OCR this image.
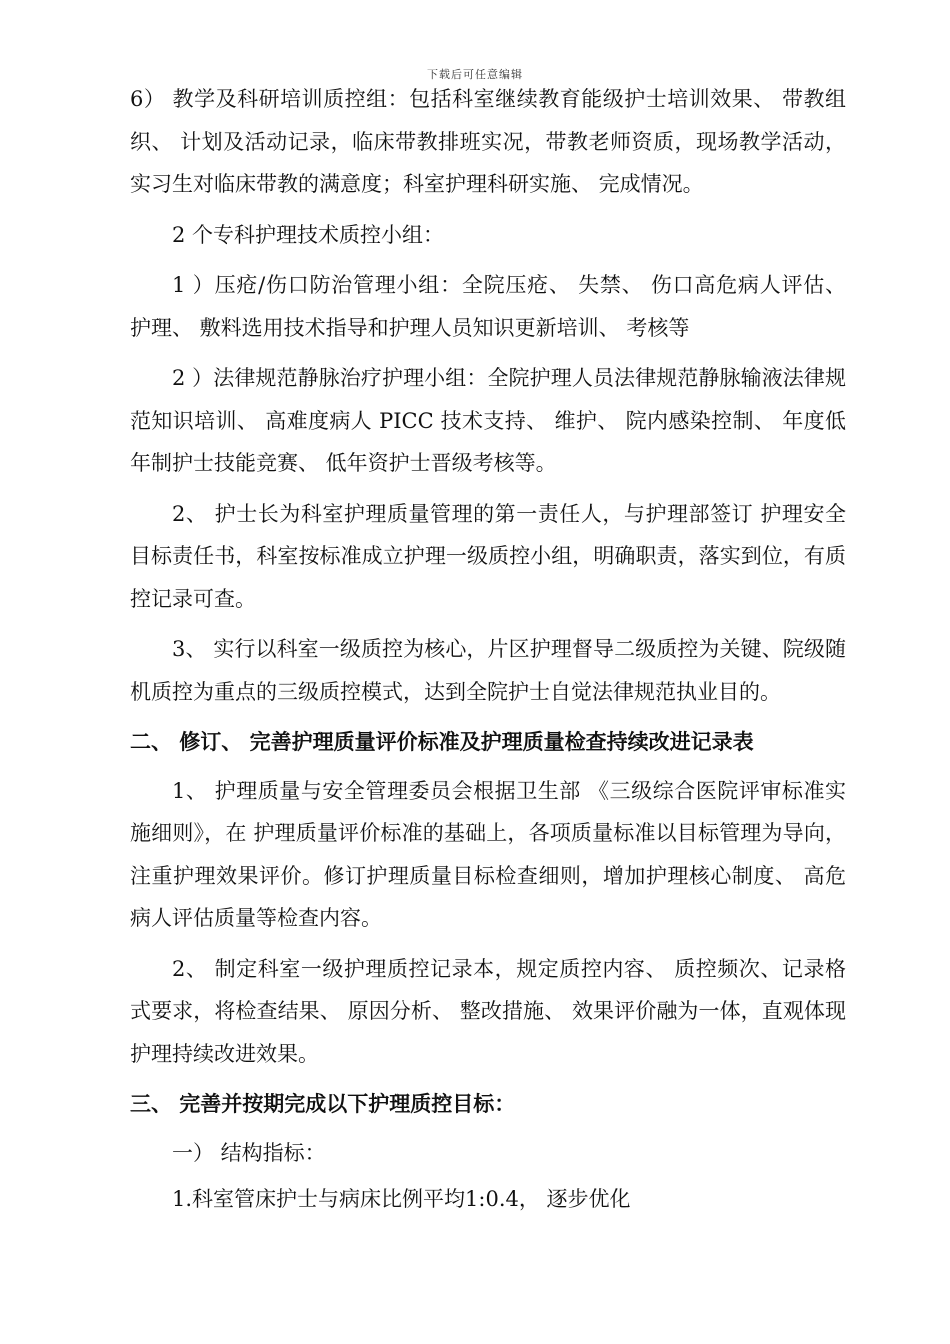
下载后可任意编辑

6） 教学及科研培训质控组：包括科室继续教育能级护士培训效果、 带教组织、 计划及活动记录，临床带教排班实况，带教老师资质，现场教学活动，实习生对临床带教的满意度；科室护理科研实施、 完成情况。

2 个专科护理技术质控小组：

1 ）压疮/伤口防治管理小组：全院压疮、 失禁、 伤口高危病人评估、 护理、 敷料选用技术指导和护理人员知识更新培训、 考核等

2 ）法律规范静脉治疗护理小组：全院护理人员法律规范静脉输液法律规范知识培训、 高难度病人 PICC 技术支持、 维护、 院内感染控制、 年度低年制护士技能竞赛、 低年资护士晋级考核等。

2、 护士长为科室护理质量管理的第一责任人，与护理部签订 护理安全目标责任书，科室按标准成立护理一级质控小组，明确职责，落实到位，有质控记录可查。

3、 实行以科室一级质控为核心，片区护理督导二级质控为关键、院级随机质控为重点的三级质控模式，达到全院护士自觉法律规范执业目的。

二、 修订、 完善护理质量评价标准及护理质量检查持续改进记录表

1、 护理质量与安全管理委员会根据卫生部 《三级综合医院评审标准实施细则》，在 护理质量评价标准的基础上，各项质量标准以目标管理为导向，注重护理效果评价。修订护理质量目标检查细则，增加护理核心制度、 高危病人评估质量等检查内容。

2、 制定科室一级护理质控记录本，规定质控内容、 质控频次、记录格式要求，将检查结果、 原因分析、 整改措施、 效果评价融为一体，直观体现护理持续改进效果。

三、 完善并按期完成以下护理质控目标：
一） 结构指标：
1.科室管床护士与病床比例平均1:0.4， 逐步优化
